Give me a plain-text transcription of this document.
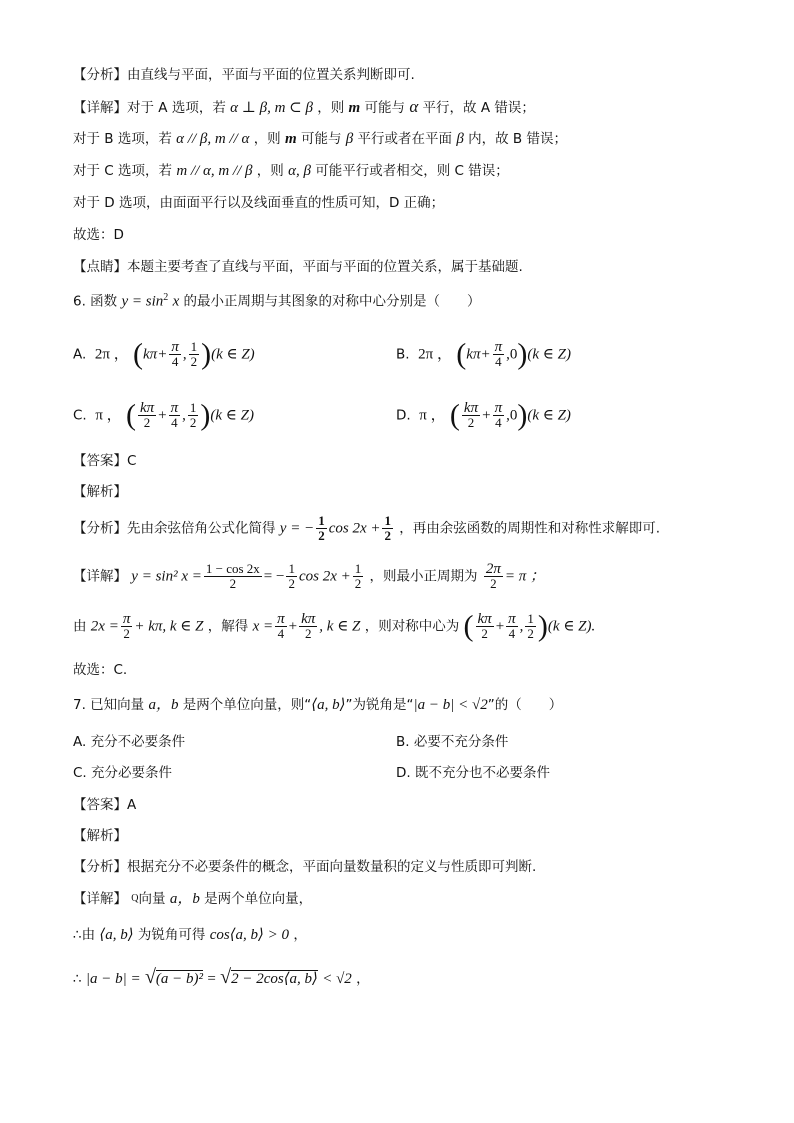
【分析】由直线与平面，平面与平面的位置关系判断即可.
【详解】对于 A 选项，若 α ⊥ β, m ⊂ β ，则 m 可能与 α 平行，故 A 错误；
对于 B 选项，若 α // β, m // α ，则 m 可能与 β 平行或者在平面 β 内，故 B 错误；
对于 C 选项，若 m // α, m // β ，则 α, β 可能平行或者相交，则 C 错误；
对于 D 选项，由面面平行以及线面垂直的性质可知，D 正确；
故选：D
【点睛】本题主要考查了直线与平面，平面与平面的位置关系，属于基础题.
6. 函数 $y = \sin^2 x$ 的最小正周期与其图象的对称中心分别是（　　）
A. 2π ， ($k\pi+ \frac{\pi}{4}$ , $\frac{1}{2} )(k$ ∈ Z)	B. 2π ， $(k\pi+ \frac{\pi}{4} ,0)(k$ ∈ Z)
C. π ， ( $\frac{k\pi}{2} + \frac{\pi}{4}$ , $\frac{1}{2} )(k$ ∈ Z)	D. π ， ( $\frac{k\pi}{2} + \frac{\pi}{4} ,0)(k$ ∈ Z)
【答案】C
【解析】
【分析】先由余弦倍角公式化简得 y = − $\frac{1}{2}$ $\cos 2x + \frac{1}{2}$ ，再由余弦函数的周期性和对称性求解即可.
【详解】 y = sin² $x = \frac{1 - \cos 2x}{2}$ = − $\frac{1}{2}$ $\cos 2x + \frac{1}{2}$ ，则最小正周期为 $\frac{2\pi}{2} = \pi$ ；
由 $2x = \frac{\pi}{2} + k\pi$, k ∈ Z ，解得 $x = \frac{\pi}{4} + \frac{k\pi}{2}$ , k ∈ Z ，则对称中心为 ( $\frac{k\pi}{2} + \frac{\pi}{4}$ , $\frac{1}{2} )(k$ ∈ Z).
故选：C.
7. 已知向量 a，b 是两个单位向量，则“⟨a, b⟩”为锐角是“|a − b| < √2”的（　　）
A. 充分不必要条件	B. 必要不充分条件
C. 充分必要条件	D. 既不充分也不必要条件
【答案】A
【解析】
【分析】根据充分不必要条件的概念，平面向量数量积的定义与性质即可判断.
【详解】 $^Q$向量 a，b 是两个单位向量，
∴由 ⟨a, b⟩ 为锐角可得 cos⟨a, b⟩ > 0 ，
∴ |a − b| = √(a − b)² = √2 − 2cos⟨a, b⟩ < √2 ，
